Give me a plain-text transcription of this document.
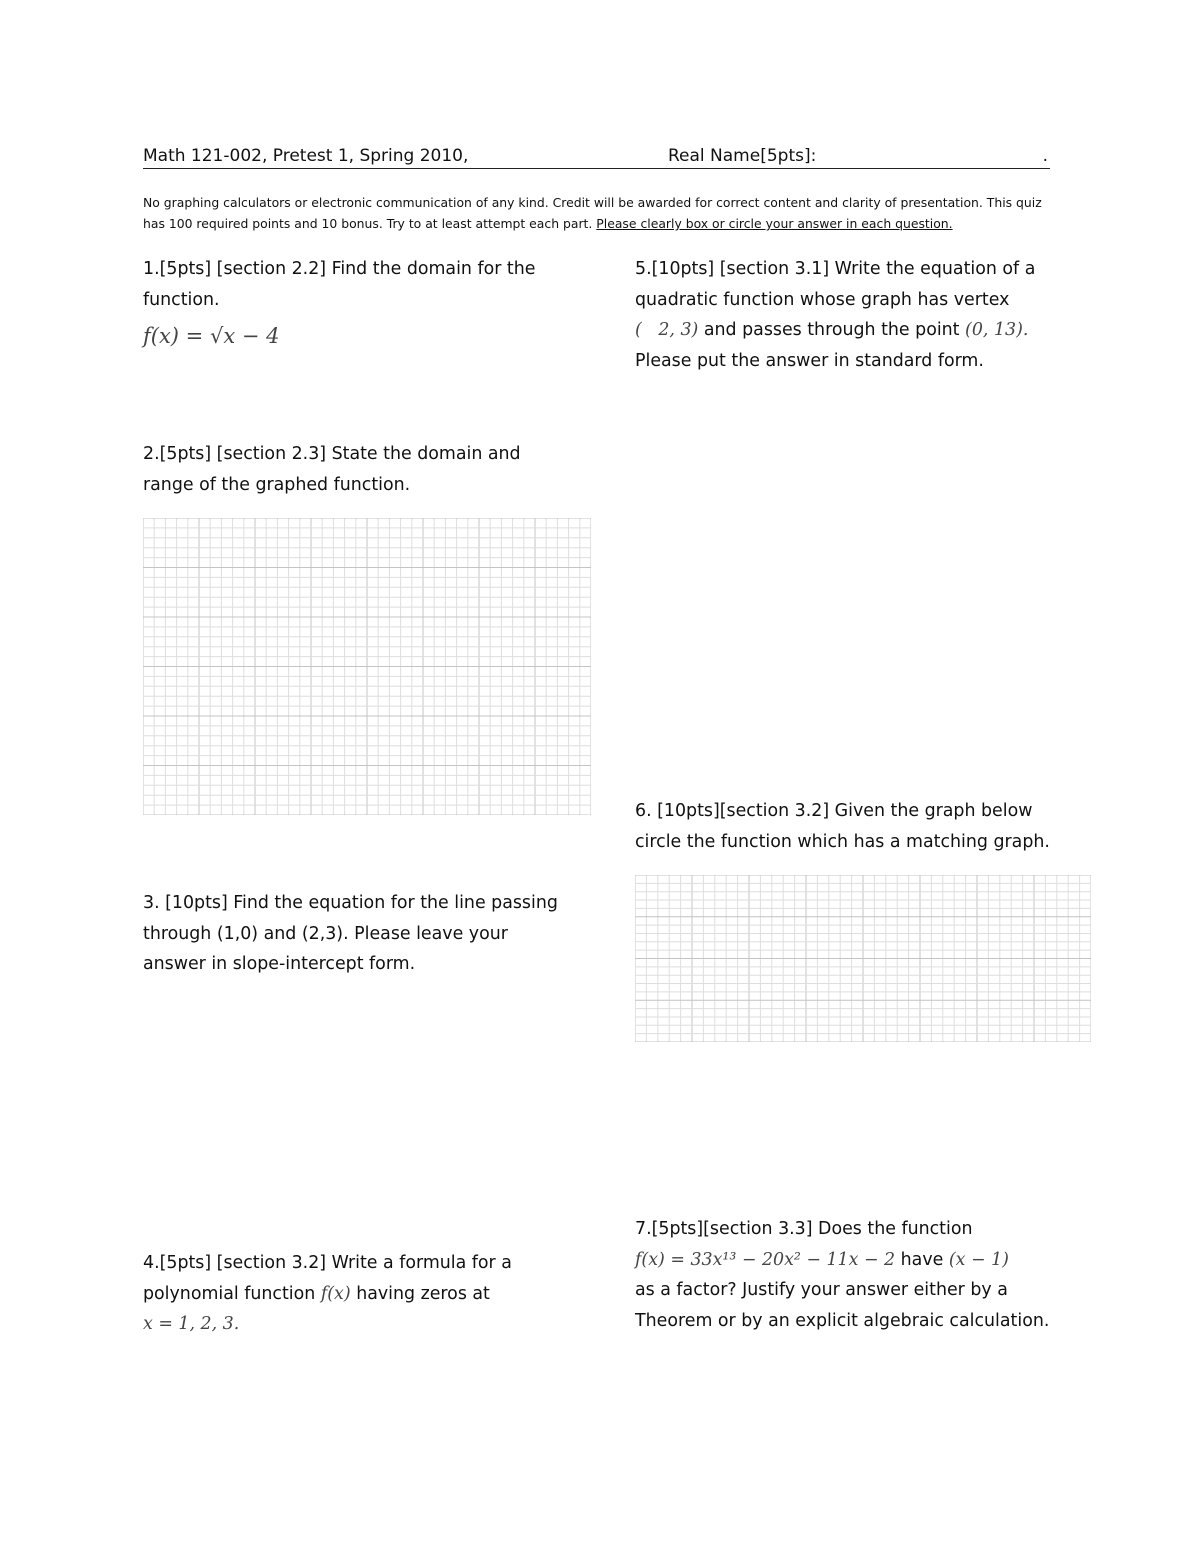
Math 121-002, Pretest 1, Spring 2010,	Real Name[5pts]:	.
No graphing calculators or electronic communication of any kind. Credit will be awarded for correct content and clarity of presentation. This quiz has 100 required points and 10 bonus. Try to at least attempt each part. Please clearly box or circle your answer in each question.
1.[5pts] [section 2.2] Find the domain for the
function.
f(x) = √x − 4
2.[5pts] [section 2.3] State the domain and
range of the graphed function.
3. [10pts] Find the equation for the line passing
through (1,0) and (2,3). Please leave your
answer in slope-intercept form.
4.[5pts] [section 3.2] Write a formula for a
polynomial function f(x) having zeros at
x = 1, 2, 3.
5.[10pts] [section 3.1] Write the equation of a
quadratic function whose graph has vertex
(   2, 3) and passes through the point (0, 13).
Please put the answer in standard form.
6. [10pts][section 3.2] Given the graph below
circle the function which has a matching graph.
7.[5pts][section 3.3] Does the function
f(x) = 33x¹³ − 20x² − 11x − 2 have (x − 1)
as a factor? Justify your answer either by a
Theorem or by an explicit algebraic calculation.
